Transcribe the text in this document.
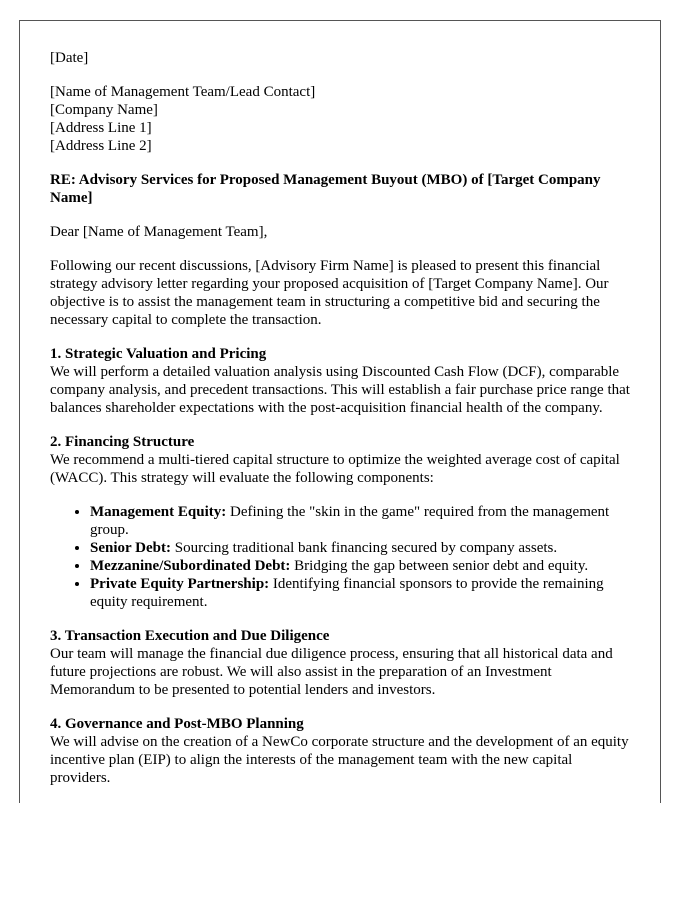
[Date]

[Name of Management Team/Lead Contact]
[Company Name]
[Address Line 1]
[Address Line 2]

RE: Advisory Services for Proposed Management Buyout (MBO) of [Target Company Name]

Dear [Name of Management Team],

Following our recent discussions, [Advisory Firm Name] is pleased to present this financial strategy advisory letter regarding your proposed acquisition of [Target Company Name]. Our objective is to assist the management team in structuring a competitive bid and securing the necessary capital to complete the transaction.

1. Strategic Valuation and Pricing
We will perform a detailed valuation analysis using Discounted Cash Flow (DCF), comparable company analysis, and precedent transactions. This will establish a fair purchase price range that balances shareholder expectations with the post-acquisition financial health of the company.
2. Financing Structure
We recommend a multi-tiered capital structure to optimize the weighted average cost of capital (WACC). This strategy will evaluate the following components:
• Management Equity: Defining the "skin in the game" required from the management group.
• Senior Debt: Sourcing traditional bank financing secured by company assets.
• Mezzanine/Subordinated Debt: Bridging the gap between senior debt and equity.
• Private Equity Partnership: Identifying financial sponsors to provide the remaining equity requirement.
3. Transaction Execution and Due Diligence
Our team will manage the financial due diligence process, ensuring that all historical data and future projections are robust. We will also assist in the preparation of an Investment Memorandum to be presented to potential lenders and investors.
4. Governance and Post-MBO Planning
We will advise on the creation of a NewCo corporate structure and the development of an equity incentive plan (EIP) to align the interests of the management team with the new capital providers.
